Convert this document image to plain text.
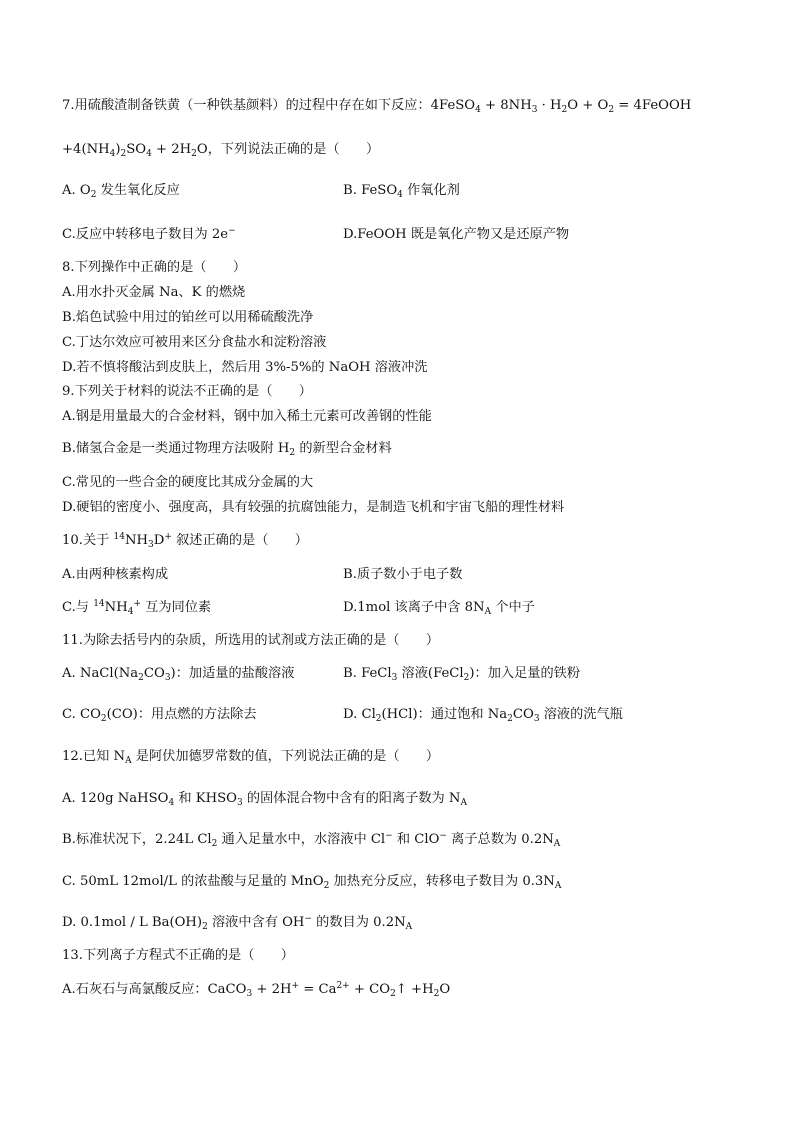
7.用硫酸渣制备铁黄（一种铁基颜料）的过程中存在如下反应：4FeSO$_4$ + $8NH_3 \cdot H_2O + O_2$ = 4FeOOH
$+4(NH_4)_2SO_4 + 2H_2O$，下列说法正确的是（　　）
A. $O_2$ 发生氧化反应	B. FeSO$_4$ 作氧化剂
C.反应中转移电子数目为 2e−	D.FeOOH 既是氧化产物又是还原产物
8.下列操作中正确的是（　　）
A.用水扑灭金属 Na、K 的燃烧
B.焰色试验中用过的铂丝可以用稀硫酸洗净
C.丁达尔效应可被用来区分食盐水和淀粉溶液
D.若不慎将酸沾到皮肤上，然后用 3%-5%的 NaOH 溶液冲洗
9.下列关于材料的说法不正确的是（　　）
A.钢是用量最大的合金材料，钢中加入稀土元素可改善钢的性能
B.储氢合金是一类通过物理方法吸附 $H_2$ 的新型合金材料
C.常见的一些合金的硬度比其成分金属的大
D.硬铝的密度小、强度高，具有较强的抗腐蚀能力，是制造飞机和宇宙飞船的理性材料
10.关于 $^{14}NH_3D^+$ 叙述正确的是（　　）
A.由两种核素构成	B.质子数小于电子数
C.与 $^{14}NH_4^+$ 互为同位素	D.1mol 该离子中含 $8N_A$ 个中子
11.为除去括号内的杂质，所选用的试剂或方法正确的是（　　）
A. $NaCl(Na_2CO_3)$：加适量的盐酸溶液	B. FeCl$_3$ 溶液(FeCl$_2$)：加入足量的铁粉
C. $CO_2(CO)$：用点燃的方法除去	D. $Cl_2(HCl)$：通过饱和 $Na_2CO_3$ 溶液的洗气瓶
12.已知 $N_A$ 是阿伏加德罗常数的值，下列说法正确的是（　　）
A. 120g NaHSO$_4$ 和 $KHSO_3$ 的固体混合物中含有的阳离子数为 $N_A$
B.标准状况下，2.24L $Cl_2$ 通入足量水中，水溶液中 Cl− 和 ClO− 离子总数为 $0.2N_A$
C. 50mL 12mol/L 的浓盐酸与足量的 MnO$_2$ 加热充分反应，转移电子数目为 $0.3N_A$
D. 0.1mol / L $Ba(OH)_2$ 溶液中含有 OH− 的数目为 $0.2N_A$
13.下列离子方程式不正确的是（　　）
A.石灰石与高氯酸反应：CaCO$_3$ + $2H^+ = Ca^{2+}$ + $CO_2↑ +H_2O$
